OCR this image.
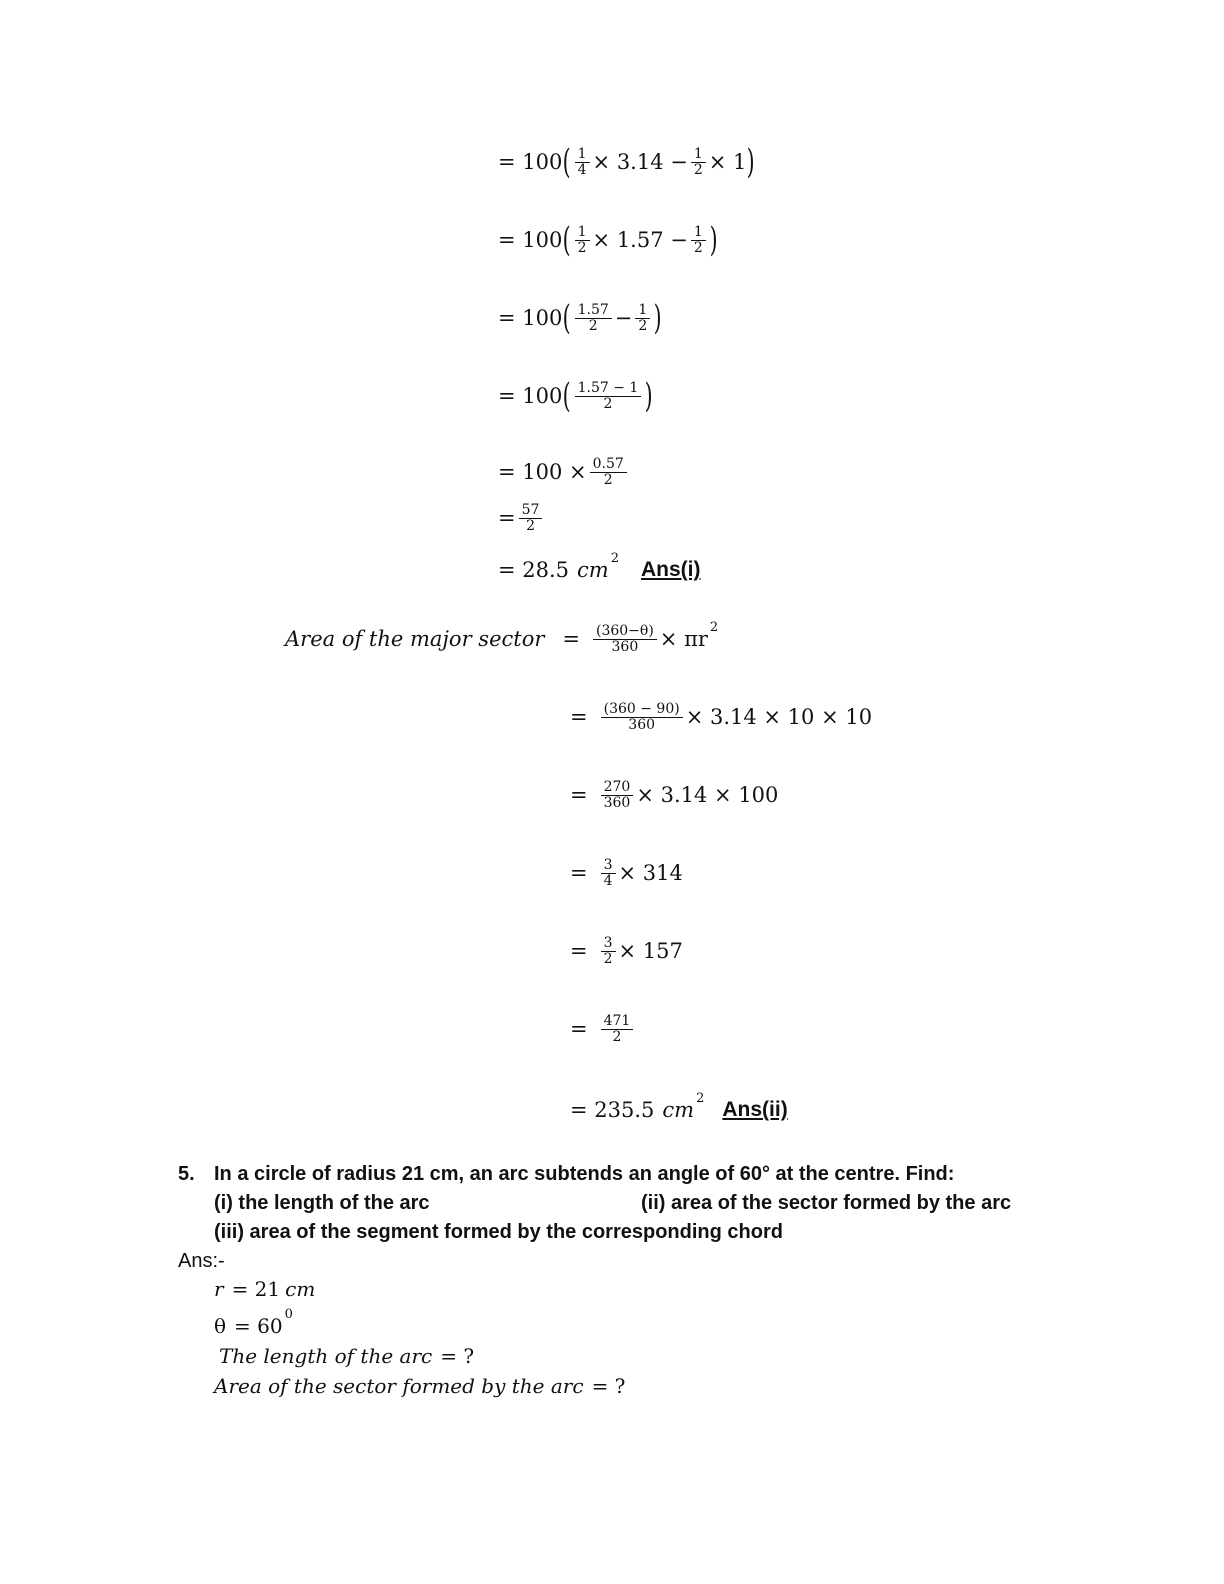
= 100 ( $\frac{1}{4} \times 3.14 - \frac{1}{2} \times 1$ )
= 100 ( $\frac{1}{2} \times 1.57 - \frac{1}{2}$ )
= 100 ( $\frac{1.57}{2} - \frac{1}{2}$ )
= 100 ( $\frac{1.57 - 1}{2}$ )
= $100 \times \frac{0.57}{2}$
= $\frac{57}{2}$
= 28.5 cm 2 Ans(i)
Area of the major sector = $\frac{(360-\theta)}{360} \times \pi r$ 2
= $\frac{(360 - 90)}{360} \times 3.14 \times 10 \times 10$
= $\frac{270}{360} \times 3.14 \times 100$
= $\frac{3}{4} \times 314$
= $\frac{3}{2} \times 157$
= $\frac{471}{2}$
= 235.5 cm 2 Ans(ii)
5. In a circle of radius 21 cm, an arc subtends an angle of 60° at the centre. Find:
(i) the length of the arc	(ii) area of the sector formed by the arc
(iii) area of the segment formed by the corresponding chord
Ans:-
r = 21 cm
θ = 60 0
The length of the arc = ?
Area of the sector formed by the arc = ?
